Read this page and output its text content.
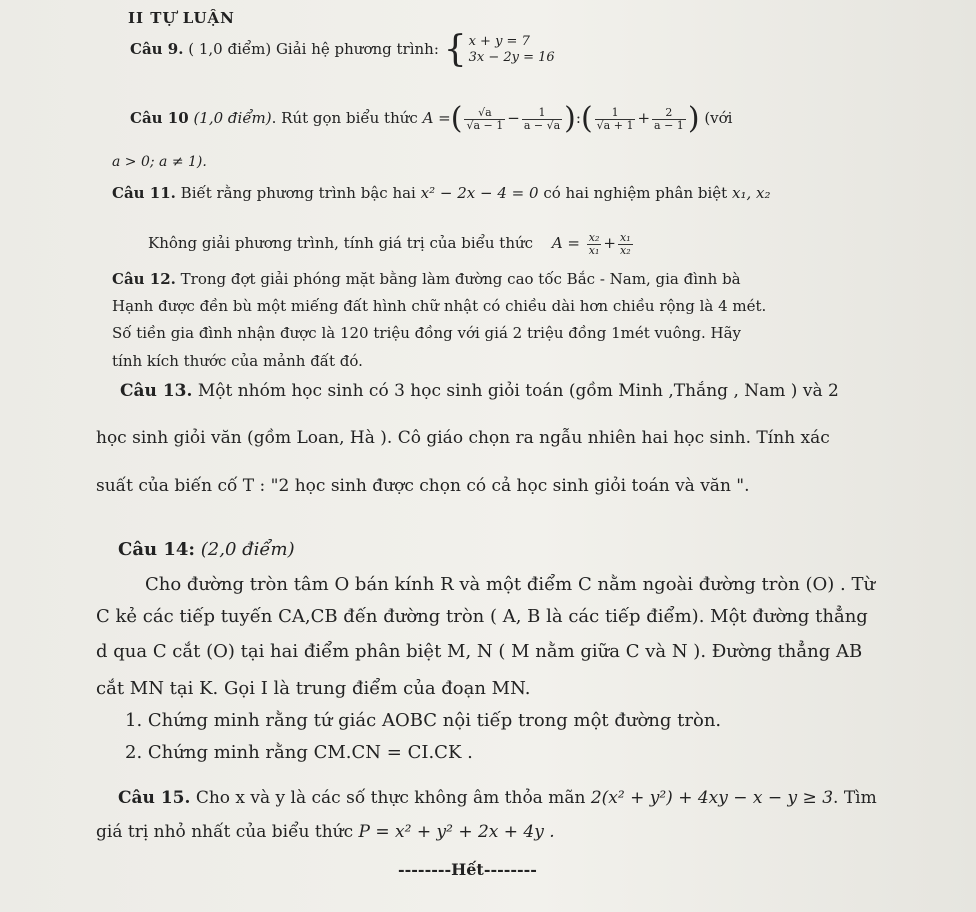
II TỰ LUẬN
Câu 9. ( 1,0 điểm) Giải hệ phương trình: { x + y = 7
3x − 2y = 16
Câu 10 (1,0 điểm). Rút gọn biểu thức A =( $\frac{√a}{√a - 1} - \frac{1}{a - √a}$ ):( $\frac{1}{√a + 1} + \frac{2}{a - 1}$ ) (với
a > 0; a ≠ 1).
Câu 11. Biết rằng phương trình bậc hai x² − 2x − 4 = 0 có hai nghiệm phân biệt x₁, x₂
Không giải phương trình, tính giá trị của biểu thức $A = \frac{\text{x₂}}{\text{x₁}} + \frac{\text{x₁}}{\text{x₂}}$
Câu 12. Trong đợt giải phóng mặt bằng làm đường cao tốc Bắc - Nam, gia đình bà
Hạnh được đền bù một miếng đất hình chữ nhật có chiều dài hơn chiều rộng là 4 mét.
Số tiền gia đình nhận được là 120 triệu đồng với giá 2 triệu đồng 1mét vuông. Hãy
tính kích thước của mảnh đất đó.
Câu 13. Một nhóm học sinh có 3 học sinh giỏi toán (gồm Minh ,Thắng , Nam ) và 2
học sinh giỏi văn (gồm Loan, Hà ). Cô giáo chọn ra ngẫu nhiên hai học sinh. Tính xác
suất của biến cố T : "2 học sinh được chọn có cả học sinh giỏi toán và văn ".
Câu 14: (2,0 điểm)
Cho đường tròn tâm O bán kính R và một điểm C nằm ngoài đường tròn (O) . Từ
C kẻ các tiếp tuyến CA,CB đến đường tròn ( A, B là các tiếp điểm). Một đường thẳng
d qua C cắt (O) tại hai điểm phân biệt M, N ( M nằm giữa C và N ). Đường thẳng AB
cắt MN tại K. Gọi I là trung điểm của đoạn MN.
1. Chứng minh rằng tứ giác AOBC nội tiếp trong một đường tròn.
2. Chứng minh rằng CM.CN = CI.CK .
Câu 15. Cho x và y là các số thực không âm thỏa mãn 2(x² + y²) + 4xy − x − y ≥ 3. Tìm
giá trị nhỏ nhất của biểu thức P = x² + y² + 2x + 4y .
--------Hết--------
